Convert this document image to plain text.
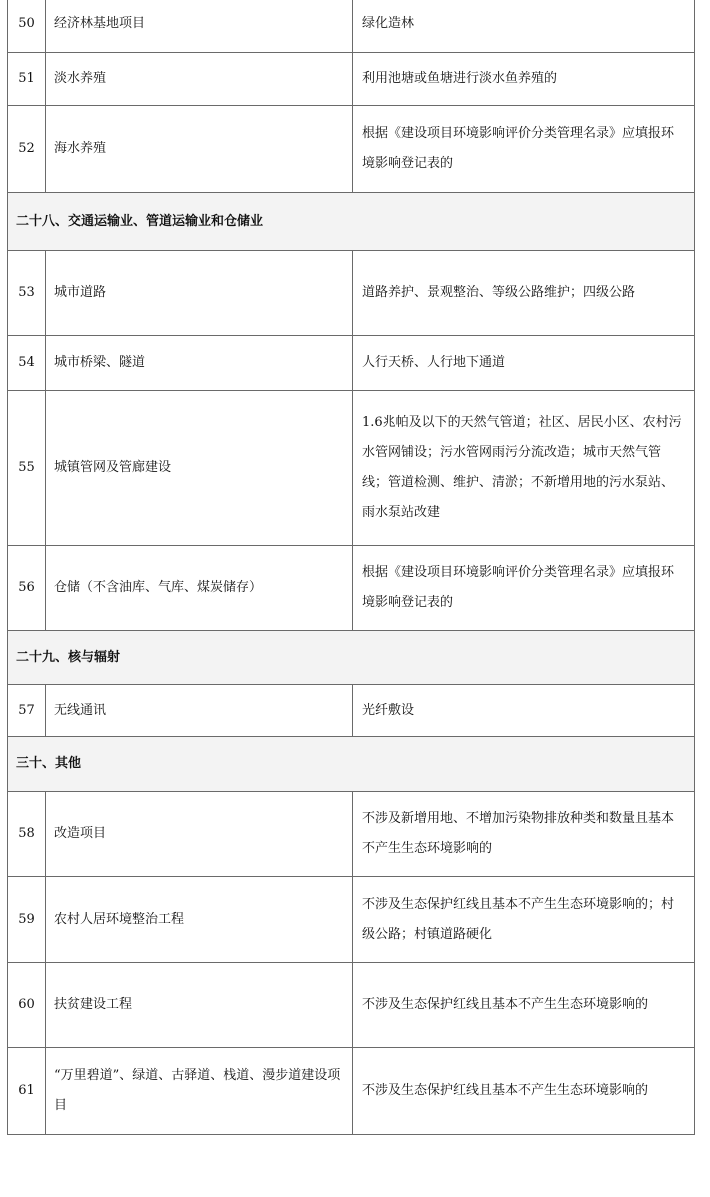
50	经济林基地项目	绿化造林
51	淡水养殖	利用池塘或鱼塘进行淡水鱼养殖的
52	海水养殖	根据《建设项目环境影响评价分类管理名录》应填报环境影响登记表的
二十八、交通运输业、管道运输业和仓储业		
53	城市道路	道路养护、景观整治、等级公路维护；四级公路
54	城市桥梁、隧道	人行天桥、人行地下通道
55	城镇管网及管廊建设	1.6兆帕及以下的天然气管道；社区、居民小区、农村污水管网铺设；污水管网雨污分流改造；城市天然气管线；管道检测、维护、清淤；不新增用地的污水泵站、雨水泵站改建
56	仓储（不含油库、气库、煤炭储存）	根据《建设项目环境影响评价分类管理名录》应填报环境影响登记表的
二十九、核与辐射		
57	无线通讯	光纤敷设
三十、其他		
58	改造项目	不涉及新增用地、不增加污染物排放种类和数量且基本不产生生态环境影响的
59	农村人居环境整治工程	不涉及生态保护红线且基本不产生生态环境影响的；村级公路；村镇道路硬化
60	扶贫建设工程	不涉及生态保护红线且基本不产生生态环境影响的
61	“万里碧道”、绿道、古驿道、栈道、漫步道建设项目	不涉及生态保护红线且基本不产生生态环境影响的
